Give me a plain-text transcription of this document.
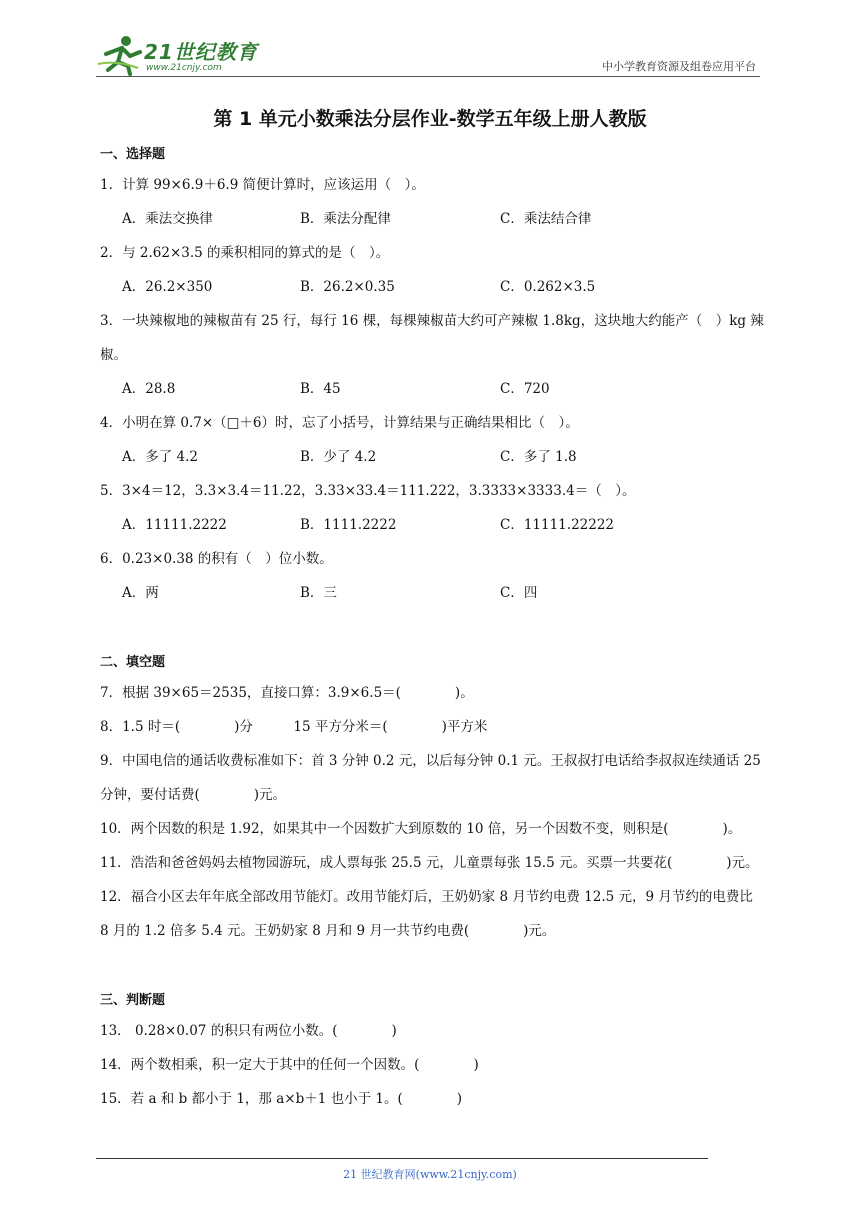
21世纪教育
www.21cnjy.com	中小学教育资源及组卷应用平台
第 1 单元小数乘法分层作业-数学五年级上册人教版
一、选择题
1．计算 99×6.9＋6.9 简便计算时，应该运用（　）。
A．乘法交换律	B．乘法分配律	C．乘法结合律
2．与 2.62×3.5 的乘积相同的算式的是（　）。
A．26.2×350	B．26.2×0.35	C．0.262×3.5
3．一块辣椒地的辣椒苗有 25 行，每行 16 棵，每棵辣椒苗大约可产辣椒 1.8kg，这块地大约能产（　）kg 辣椒。
A．28.8	B．45	C．720
4．小明在算 0.7×（□＋6）时，忘了小括号，计算结果与正确结果相比（　）。
A．多了 4.2	B．少了 4.2	C．多了 1.8
5．3×4＝12，3.3×3.4＝11.22，3.33×33.4＝111.222，3.3333×3333.4＝（　）。
A．11111.2222	B．1111.2222	C．11111.22222
6．0.23×0.38 的积有（　）位小数。
A．两	B．三	C．四
二、填空题
7．根据 39×65＝2535，直接口算：3.9×6.5＝(　　　　)。
8．1.5 时＝(　　　　)分　　　15 平方分米＝(　　　　)平方米
9．中国电信的通话收费标准如下：首 3 分钟 0.2 元，以后每分钟 0.1 元。王叔叔打电话给李叔叔连续通话 25 分钟，要付话费(　　　　)元。
10．两个因数的积是 1.92，如果其中一个因数扩大到原数的 10 倍，另一个因数不变，则积是(　　　　)。
11．浩浩和爸爸妈妈去植物园游玩，成人票每张 25.5 元，儿童票每张 15.5 元。买票一共要花(　　　　)元。
12．福合小区去年年底全部改用节能灯。改用节能灯后，王奶奶家 8 月节约电费 12.5 元，9 月节约的电费比 8 月的 1.2 倍多 5.4 元。王奶奶家 8 月和 9 月一共节约电费(　　　　)元。
三、判断题
13． 0.28×0.07 的积只有两位小数。(　　　　)
14．两个数相乘，积一定大于其中的任何一个因数。(　　　　)
15．若 a 和 b 都小于 1，那 a×b＋1 也小于 1。(　　　　)
21 世纪教育网(www.21cnjy.com)
